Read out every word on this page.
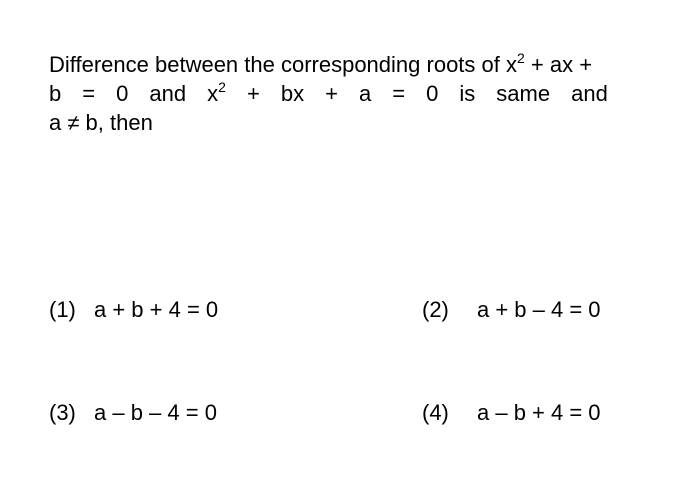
Difference between the corresponding roots of $x^2$ + ax +
b = 0 and $x^2$ + bx + a = 0 is same and
a ≠ b, then
(1) a + b + 4 = 0	(2) a + b – 4 = 0
(3) a – b – 4 = 0	(4) a – b + 4 = 0
